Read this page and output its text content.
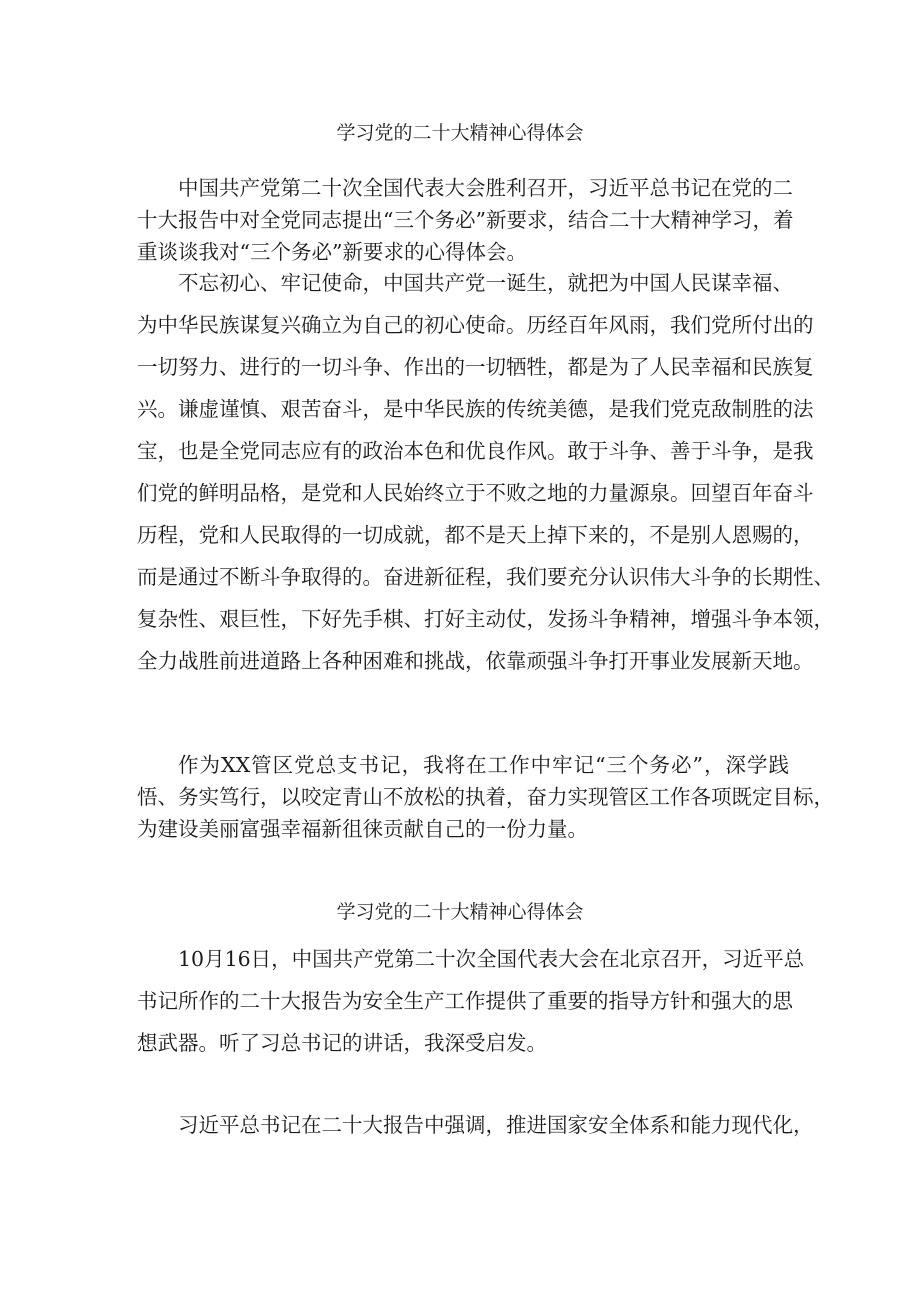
学习党的二十大精神心得体会

中国共产党第二十次全国代表大会胜利召开，习近平总书记在党的二
十大报告中对全党同志提出“三个务必”新要求，结合二十大精神学习，着
重谈谈我对“三个务必”新要求的心得体会。

不忘初心、牢记使命，中国共产党一诞生，就把为中国人民谋幸福、
为中华民族谋复兴确立为自己的初心使命。历经百年风雨，我们党所付出的
一切努力、进行的一切斗争、作出的一切牺牲，都是为了人民幸福和民族复
兴。谦虚谨慎、艰苦奋斗，是中华民族的传统美德，是我们党克敌制胜的法
宝，也是全党同志应有的政治本色和优良作风。敢于斗争、善于斗争，是我
们党的鲜明品格，是党和人民始终立于不败之地的力量源泉。回望百年奋斗
历程，党和人民取得的一切成就，都不是天上掉下来的，不是别人恩赐的，
而是通过不断斗争取得的。奋进新征程，我们要充分认识伟大斗争的长期性、
复杂性、艰巨性，下好先手棋、打好主动仗，发扬斗争精神，增强斗争本领，
全力战胜前进道路上各种困难和挑战，依靠顽强斗争打开事业发展新天地。

作为XX管区党总支书记，我将在工作中牢记“三个务必”，深学践
悟、务实笃行，以咬定青山不放松的执着，奋力实现管区工作各项既定目标，
为建设美丽富强幸福新徂徕贡献自己的一份力量。

学习党的二十大精神心得体会

10月16日，中国共产党第二十次全国代表大会在北京召开，习近平总
书记所作的二十大报告为安全生产工作提供了重要的指导方针和强大的思
想武器。听了习总书记的讲话，我深受启发。

习近平总书记在二十大报告中强调，推进国家安全体系和能力现代化，
